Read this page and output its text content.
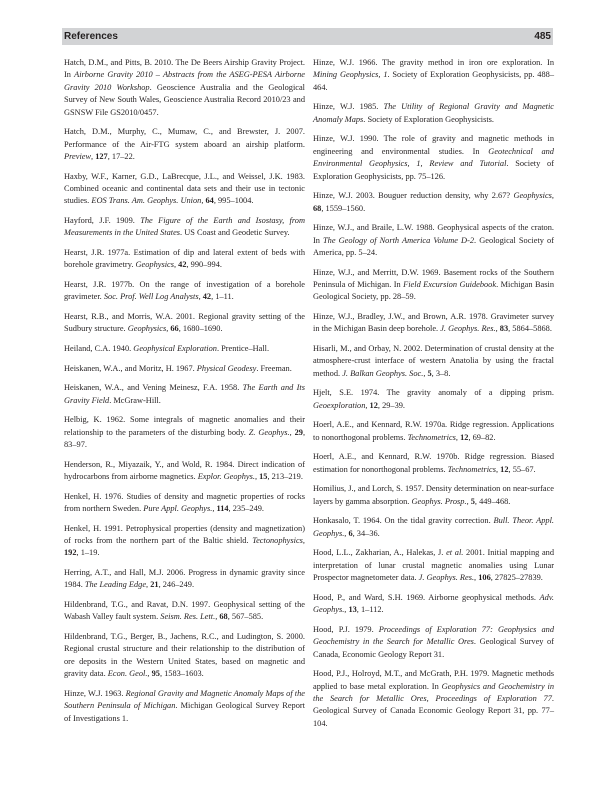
References	485

Hatch, D.M., and Pitts, B. 2010. The De Beers Airship Gravity Project. In Airborne Gravity 2010 – Abstracts from the ASEG-PESA Airborne Gravity 2010 Workshop. Geoscience Australia and the Geological Survey of New South Wales, Geoscience Australia Record 2010/23 and GSNSW File GS2010/0457.

Hatch, D.M., Murphy, C., Mumaw, C., and Brewster, J. 2007. Performance of the Air-FTG system aboard an airship platform. Preview, 127, 17–22.

Haxby, W.F., Karner, G.D., LaBrecque, J.L., and Weissel, J.K. 1983. Combined oceanic and continental data sets and their use in tectonic studies. EOS Trans. Am. Geophys. Union, 64, 995–1004.

Hayford, J.F. 1909. The Figure of the Earth and Isostasy, from Measurements in the United States. US Coast and Geodetic Survey.

Hearst, J.R. 1977a. Estimation of dip and lateral extent of beds with borehole gravimetry. Geophysics, 42, 990–994.

Hearst, J.R. 1977b. On the range of investigation of a borehole gravimeter. Soc. Prof. Well Log Analysts, 42, 1–11.

Hearst, R.B., and Morris, W.A. 2001. Regional gravity setting of the Sudbury structure. Geophysics, 66, 1680–1690.

Heiland, C.A. 1940. Geophysical Exploration. Prentice–Hall.

Heiskanen, W.A., and Moritz, H. 1967. Physical Geodesy. Freeman.

Heiskanen, W.A., and Vening Meinesz, F.A. 1958. The Earth and Its Gravity Field. McGraw-Hill.

Helbig, K. 1962. Some integrals of magnetic anomalies and their relationship to the parameters of the disturbing body. Z. Geophys., 29, 83–97.

Henderson, R., Miyazaik, Y., and Wold, R. 1984. Direct indication of hydrocarbons from airborne magnetics. Explor. Geophys., 15, 213–219.

Henkel, H. 1976. Studies of density and magnetic properties of rocks from northern Sweden. Pure Appl. Geophys., 114, 235–249.

Henkel, H. 1991. Petrophysical properties (density and magnetization) of rocks from the northern part of the Baltic shield. Tectonophysics, 192, 1–19.

Herring, A.T., and Hall, M.J. 2006. Progress in dynamic gravity since 1984. The Leading Edge, 21, 246–249.

Hildenbrand, T.G., and Ravat, D.N. 1997. Geophysical setting of the Wabash Valley fault system. Seism. Res. Lett., 68, 567–585.

Hildenbrand, T.G., Berger, B., Jachens, R.C., and Ludington, S. 2000. Regional crustal structure and their relationship to the distribution of ore deposits in the Western United States, based on magnetic and gravity data. Econ. Geol., 95, 1583–1603.

Hinze, W.J. 1963. Regional Gravity and Magnetic Anomaly Maps of the Southern Peninsula of Michigan. Michigan Geological Survey Report of Investigations 1.

Hinze, W.J. 1966. The gravity method in iron ore exploration. In Mining Geophysics, 1. Society of Exploration Geophysicists, pp. 488–464.

Hinze, W.J. 1985. The Utility of Regional Gravity and Magnetic Anomaly Maps. Society of Exploration Geophysicists.

Hinze, W.J. 1990. The role of gravity and magnetic methods in engineering and environmental studies. In Geotechnical and Environmental Geophysics, 1, Review and Tutorial. Society of Exploration Geophysicists, pp. 75–126.

Hinze, W.J. 2003. Bouguer reduction density, why 2.67? Geophysics, 68, 1559–1560.

Hinze, W.J., and Braile, L.W. 1988. Geophysical aspects of the craton. In The Geology of North America Volume D-2. Geological Society of America, pp. 5–24.

Hinze, W.J., and Merritt, D.W. 1969. Basement rocks of the Southern Peninsula of Michigan. In Field Excursion Guidebook. Michigan Basin Geological Society, pp. 28–59.

Hinze, W.J., Bradley, J.W., and Brown, A.R. 1978. Gravimeter survey in the Michigan Basin deep borehole. J. Geophys. Res., 83, 5864–5868.

Hisarli, M., and Orbay, N. 2002. Determination of crustal density at the atmosphere-crust interface of western Anatolia by using the fractal method. J. Balkan Geophys. Soc., 5, 3–8.

Hjelt, S.E. 1974. The gravity anomaly of a dipping prism. Geoexploration, 12, 29–39.

Hoerl, A.E., and Kennard, R.W. 1970a. Ridge regression. Applications to nonorthogonal problems. Technometrics, 12, 69–82.

Hoerl, A.E., and Kennard, R.W. 1970b. Ridge regression. Biased estimation for nonorthogonal problems. Technometrics, 12, 55–67.

Homilius, J., and Lorch, S. 1957. Density determination on near-surface layers by gamma absorption. Geophys. Prosp., 5, 449–468.

Honkasalo, T. 1964. On the tidal gravity correction. Bull. Theor. Appl. Geophys., 6, 34–36.

Hood, L.L., Zakharian, A., Halekas, J. et al. 2001. Initial mapping and interpretation of lunar crustal magnetic anomalies using Lunar Prospector magnetometer data. J. Geophys. Res., 106, 27825–27839.

Hood, P., and Ward, S.H. 1969. Airborne geophysical methods. Adv. Geophys., 13, 1–112.

Hood, P.J. 1979. Proceedings of Exploration 77: Geophysics and Geochemistry in the Search for Metallic Ores. Geological Survey of Canada, Economic Geology Report 31.

Hood, P.J., Holroyd, M.T., and McGrath, P.H. 1979. Magnetic methods applied to base metal exploration. In Geophysics and Geochemistry in the Search for Metallic Ores, Proceedings of Exploration 77. Geological Survey of Canada Economic Geology Report 31, pp. 77–104.
